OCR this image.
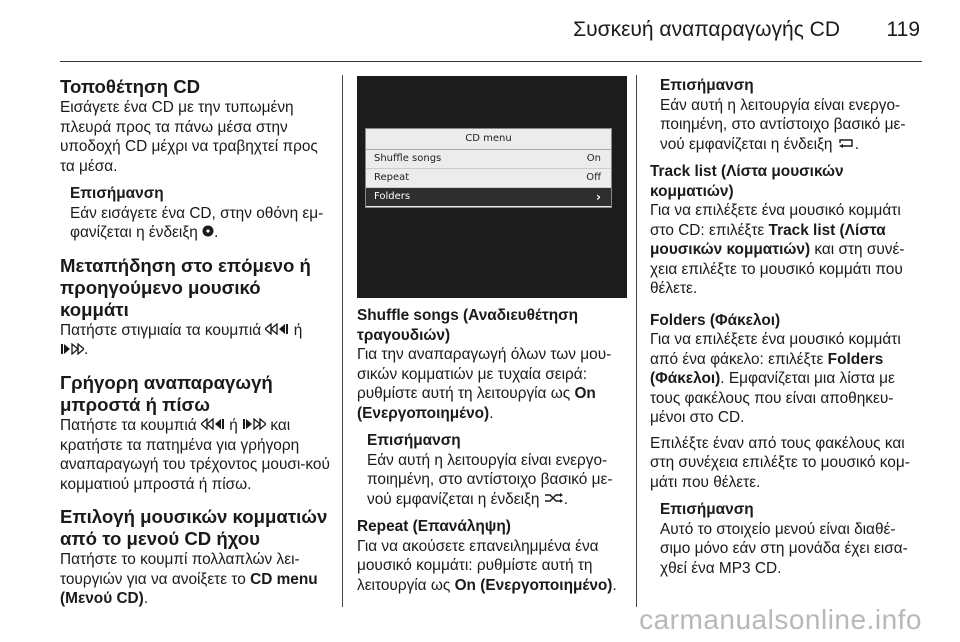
Συσκευή αναπαραγωγής CD 119
Τοποθέτηση CD

Εισάγετε ένα CD με την τυπωμένη πλευρά προς τα πάνω μέσα στην υποδοχή CD μέχρι να τραβηχτεί προς τα μέσα.

Επισήμανση

Εάν εισάγετε ένα CD, στην οθόνη εμ-φανίζεται η ένδειξη .

Μεταπήδηση στο επόμενο ή προηγούμενο μουσικό κομμάτι

Πατήστε στιγμιαία τα κουμπιά ή
.

Γρήγορη αναπαραγωγή μπροστά ή πίσω

Πατήστε τα κουμπιά ή και κρατήστε τα πατημένα για γρήγορη αναπαραγωγή του τρέχοντος μουσι-κού κομματιού μπροστά ή πίσω.

Επιλογή μουσικών κομματιών από το μενού CD ήχου

Πατήστε το κουμπί πολλαπλών λει-τουργιών για να ανοίξετε το CD menu (Μενού CD).

CD menu
Shuffle songs	On
Repeat	Off
Folders	›
Shuffle songs (Αναδιευθέτηση τραγουδιών)

Για την αναπαραγωγή όλων των μου-σικών κομματιών με τυχαία σειρά: ρυθμίστε αυτή τη λειτουργία ως On (Ενεργοποιημένο).

Επισήμανση

Εάν αυτή η λειτουργία είναι ενεργο-ποιημένη, στο αντίστοιχο βασικό με-νού εμφανίζεται η ένδειξη .

Repeat (Επανάληψη)

Για να ακούσετε επανειλημμένα ένα μουσικό κομμάτι: ρυθμίστε αυτή τη λειτουργία ως On (Ενεργοποιημένο).

Επισήμανση

Εάν αυτή η λειτουργία είναι ενεργο-ποιημένη, στο αντίστοιχο βασικό με-νού εμφανίζεται η ένδειξη .

Track list (Λίστα μουσικών κομματιών)

Για να επιλέξετε ένα μουσικό κομμάτι στο CD: επιλέξτε Track list (Λίστα μουσικών κομματιών) και στη συνέ-χεια επιλέξτε το μουσικό κομμάτι που θέλετε.

Folders (Φάκελοι)

Για να επιλέξετε ένα μουσικό κομμάτι από ένα φάκελο: επιλέξτε Folders (Φάκελοι). Εμφανίζεται μια λίστα με τους φακέλους που είναι αποθηκευ-μένοι στο CD.

Επιλέξτε έναν από τους φακέλους και στη συνέχεια επιλέξτε το μουσικό κομ-μάτι που θέλετε.

Επισήμανση

Αυτό το στοιχείο μενού είναι διαθέ-σιμο μόνο εάν στη μονάδα έχει εισα-χθεί ένα MP3 CD.

carmanualsonline.info
